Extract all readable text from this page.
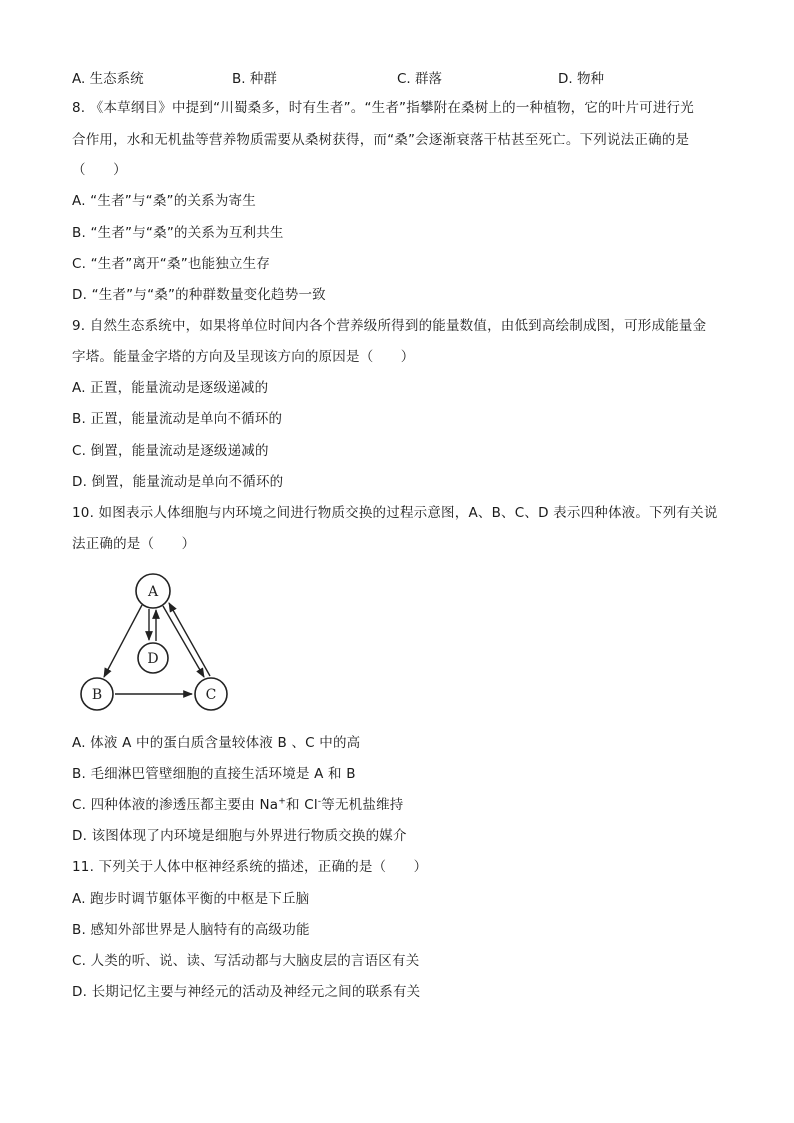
A. 生态系统	B. 种群	C. 群落	D. 物种
8. 《本草纲目》中提到“川蜀桑多，时有生者”。“生者”指攀附在桑树上的一种植物，它的叶片可进行光
合作用，水和无机盐等营养物质需要从桑树获得，而“桑”会逐渐衰落干枯甚至死亡。下列说法正确的是
（　　）
A. “生者”与“桑”的关系为寄生
B. “生者”与“桑”的关系为互利共生
C. “生者”离开“桑”也能独立生存
D. “生者”与“桑”的种群数量变化趋势一致
9. 自然生态系统中，如果将单位时间内各个营养级所得到的能量数值，由低到高绘制成图，可形成能量金
字塔。能量金字塔的方向及呈现该方向的原因是（　　）
A. 正置，能量流动是逐级递减的
B. 正置，能量流动是单向不循环的
C. 倒置，能量流动是逐级递减的
D. 倒置，能量流动是单向不循环的
10. 如图表示人体细胞与内环境之间进行物质交换的过程示意图，A、B、C、D 表示四种体液。下列有关说
法正确的是（　　）
A
B	C
D
A. 体液 A 中的蛋白质含量较体液 B 、C 中的高
B. 毛细淋巴管壁细胞的直接生活环境是 A 和 B
C. 四种体液的渗透压都主要由 Na+和 Cl-等无机盐维持
D. 该图体现了内环境是细胞与外界进行物质交换的媒介
11. 下列关于人体中枢神经系统的描述，正确的是（　　）
A. 跑步时调节躯体平衡的中枢是下丘脑
B. 感知外部世界是人脑特有的高级功能
C. 人类的听、说、读、写活动都与大脑皮层的言语区有关
D. 长期记忆主要与神经元的活动及神经元之间的联系有关
